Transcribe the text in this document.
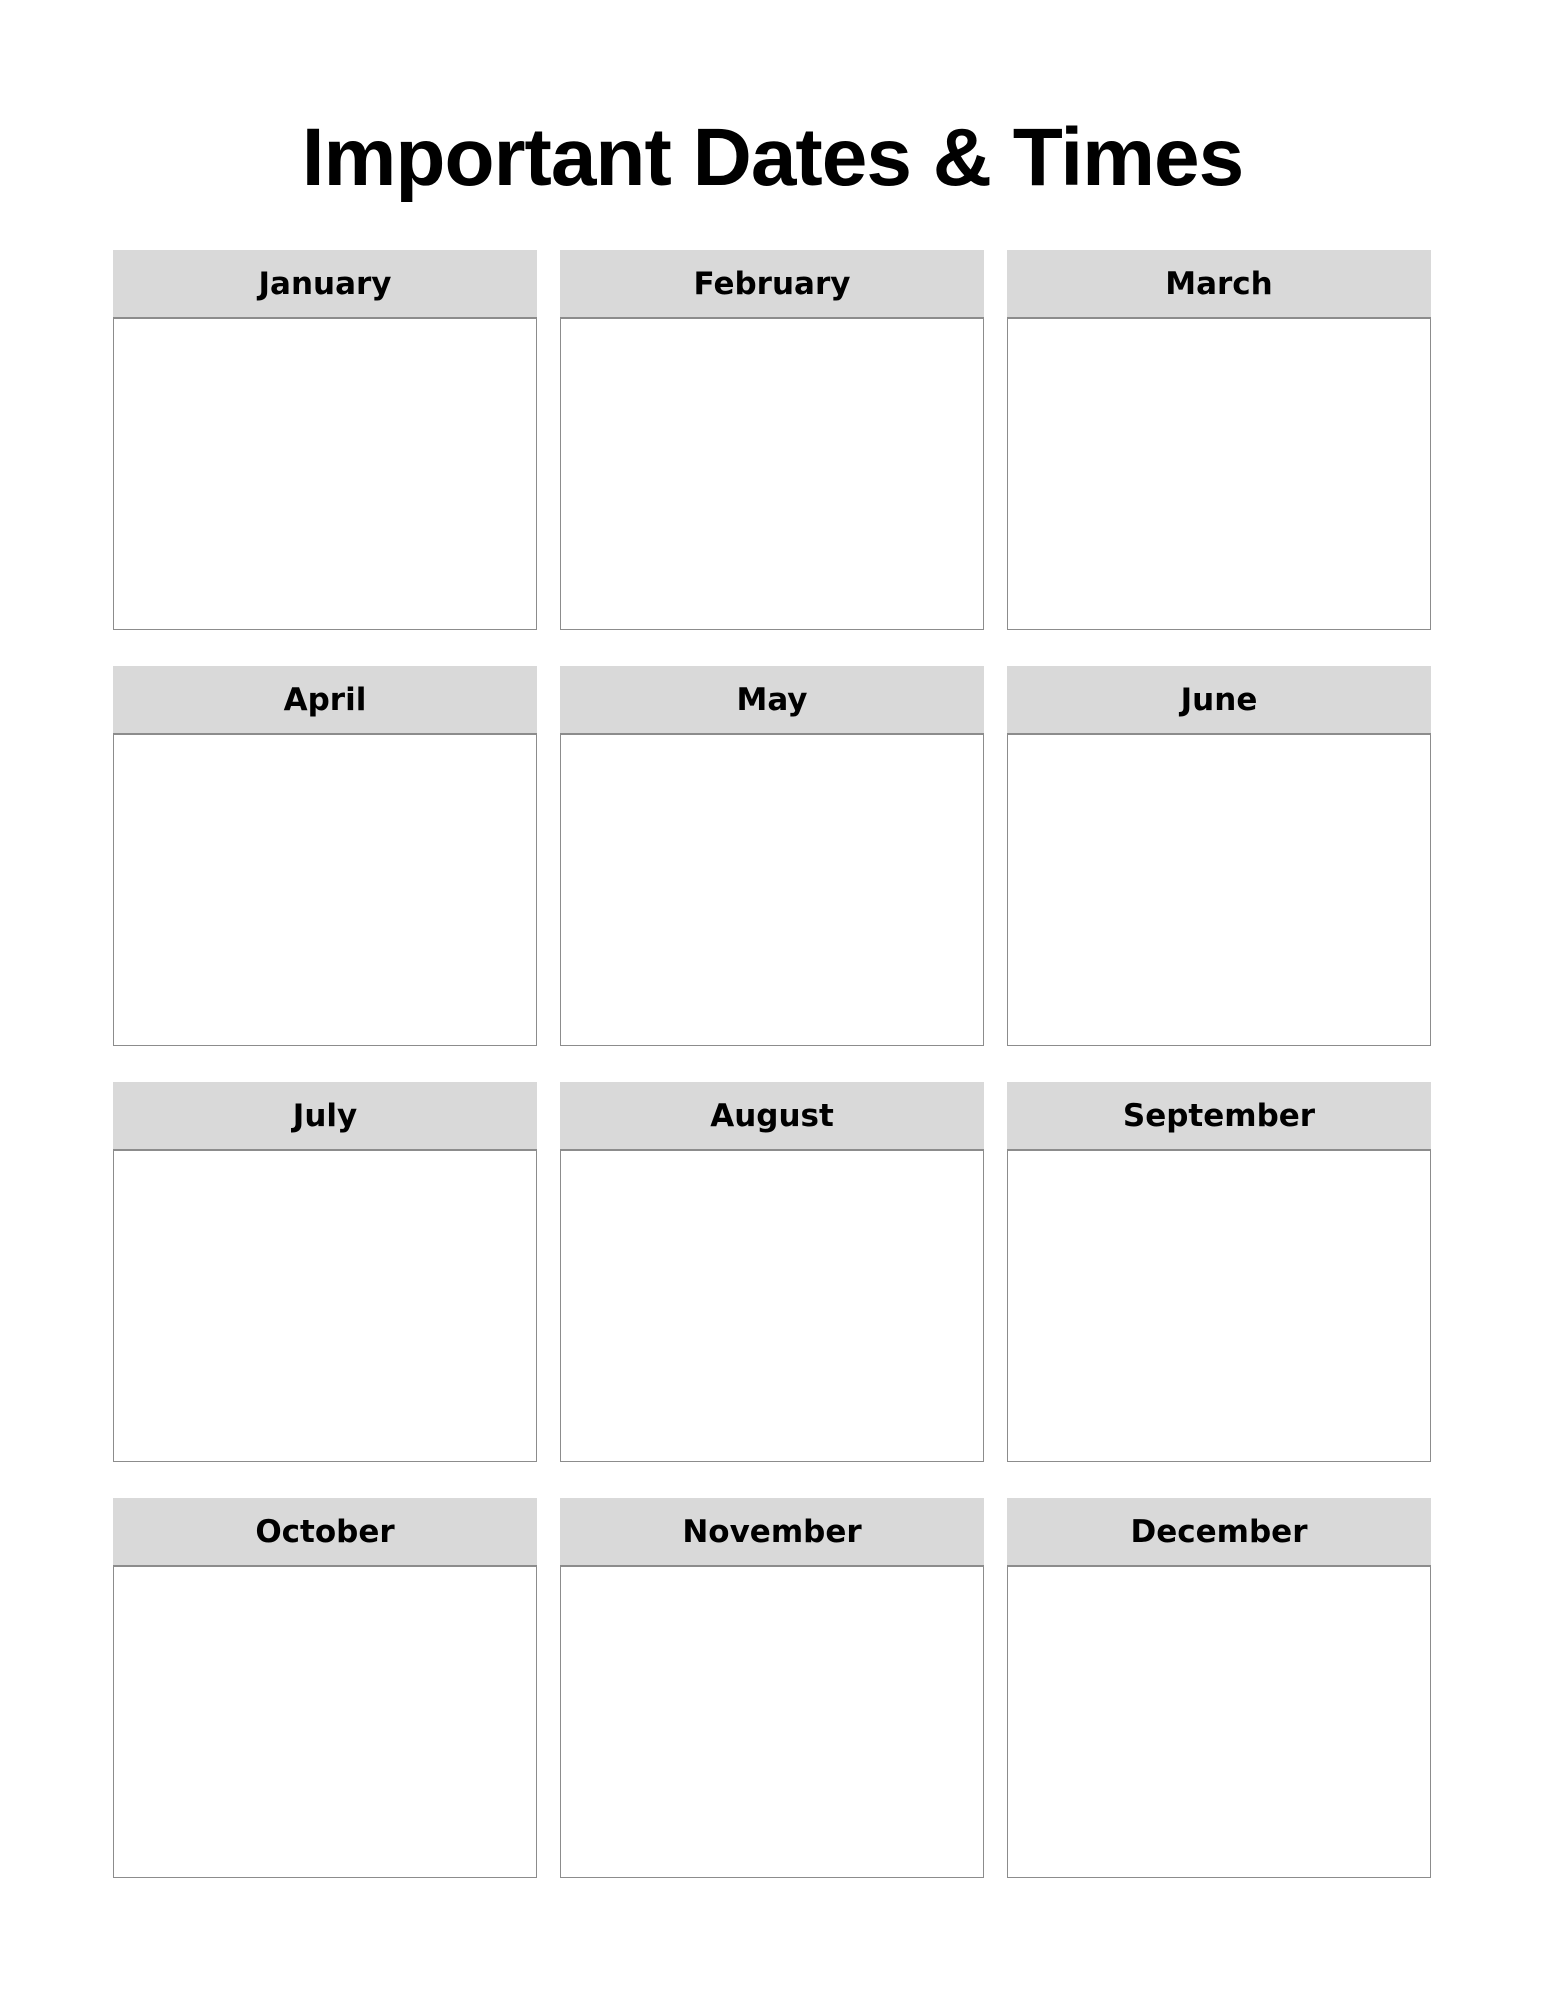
Important Dates & Times
January	February	March
April	May	June
July	August	September
October	November	December
